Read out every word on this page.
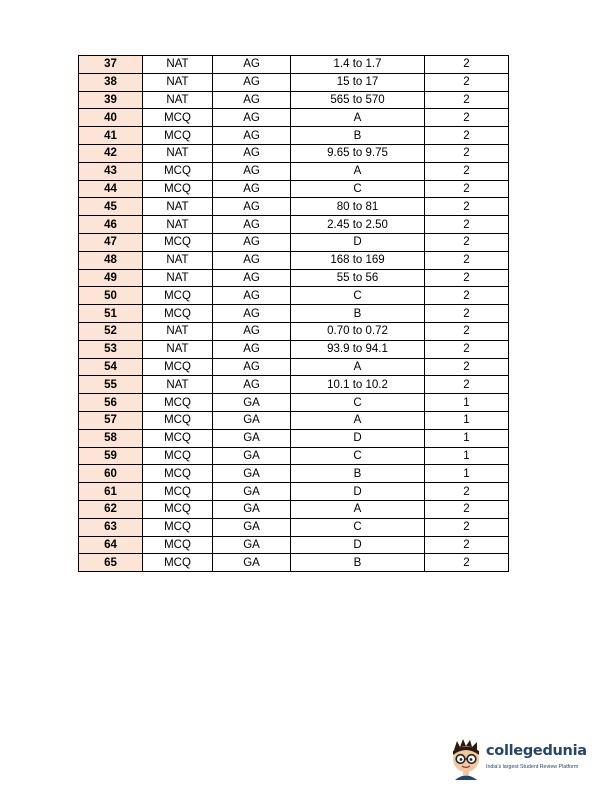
37	NAT	AG	1.4 to 1.7	2
38	NAT	AG	15 to 17	2
39	NAT	AG	565 to 570	2
40	MCQ	AG	A	2
41	MCQ	AG	B	2
42	NAT	AG	9.65 to 9.75	2
43	MCQ	AG	A	2
44	MCQ	AG	C	2
45	NAT	AG	80 to 81	2
46	NAT	AG	2.45 to 2.50	2
47	MCQ	AG	D	2
48	NAT	AG	168 to 169	2
49	NAT	AG	55 to 56	2
50	MCQ	AG	C	2
51	MCQ	AG	B	2
52	NAT	AG	0.70 to 0.72	2
53	NAT	AG	93.9 to 94.1	2
54	MCQ	AG	A	2
55	NAT	AG	10.1 to 10.2	2
56	MCQ	GA	C	1
57	MCQ	GA	A	1
58	MCQ	GA	D	1
59	MCQ	GA	C	1
60	MCQ	GA	B	1
61	MCQ	GA	D	2
62	MCQ	GA	A	2
63	MCQ	GA	C	2
64	MCQ	GA	D	2
65	MCQ	GA	B	2
collegedunia
India's largest Student Review Platform
